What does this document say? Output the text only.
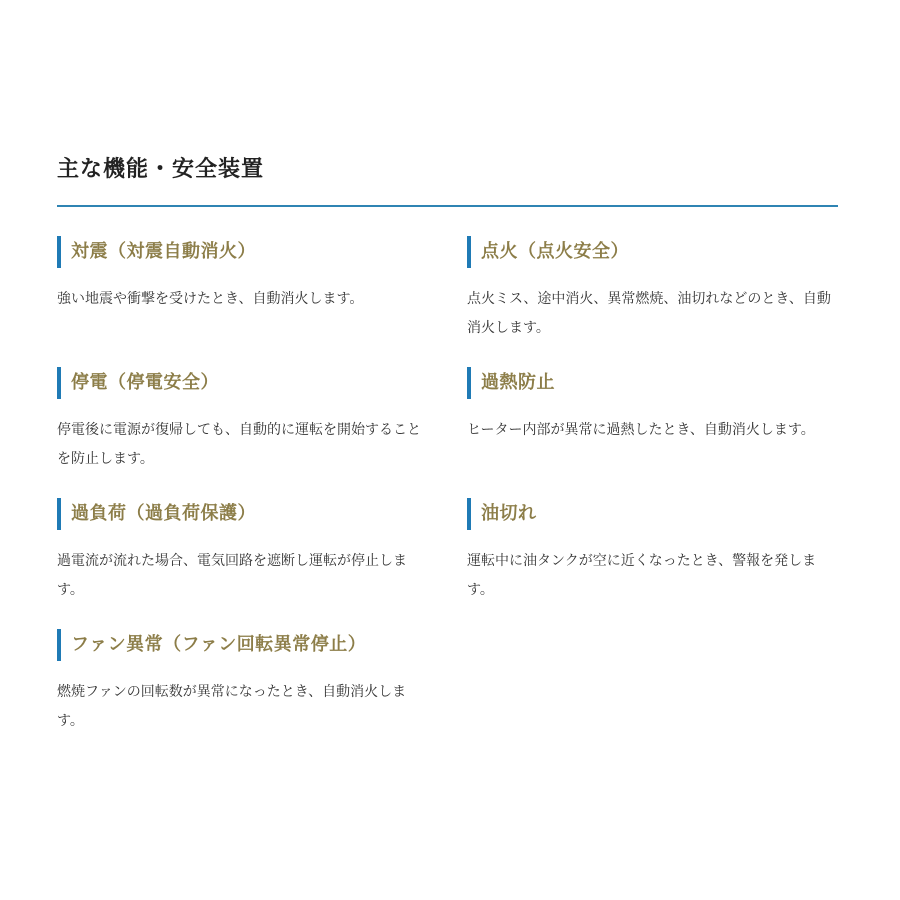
主な機能・安全装置
対震（対震自動消火）

強い地震や衝撃を受けたとき、自動消火します。

停電（停電安全）

停電後に電源が復帰しても、自動的に運転を開始することを防止します。

過負荷（過負荷保護）

過電流が流れた場合、電気回路を遮断し運転が停止します。

ファン異常（ファン回転異常停止）

燃焼ファンの回転数が異常になったとき、自動消火します。

点火（点火安全）

点火ミス、途中消火、異常燃焼、油切れなどのとき、自動消火します。

過熱防止

ヒーター内部が異常に過熱したとき、自動消火します。

油切れ

運転中に油タンクが空に近くなったとき、警報を発します。
